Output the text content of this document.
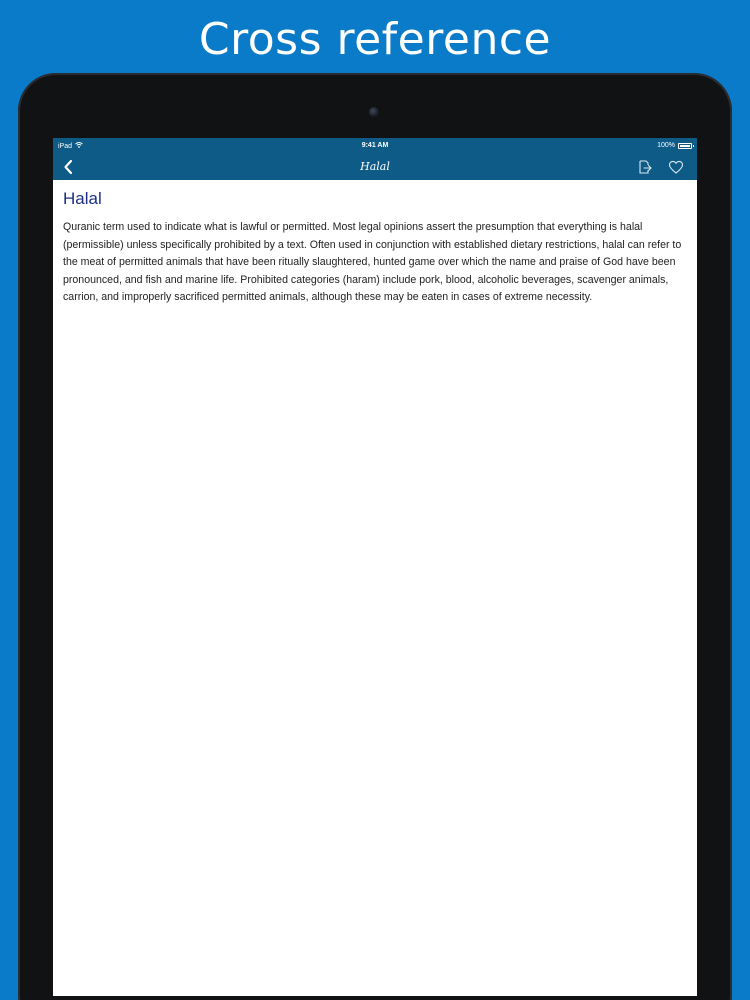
Cross reference
iPad	9:41 AM	100%
Halal
Halal

Quranic term used to indicate what is lawful or permitted. Most legal opinions assert the presumption that everything is halal (permissible) unless specifically prohibited by a text. Often used in conjunction with established dietary restrictions, halal can refer to the meat of permitted animals that have been ritually slaughtered, hunted game over which the name and praise of God have been pronounced, and fish and marine life. Prohibited categories (haram) include pork, blood, alcoholic beverages, scavenger animals, carrion, and improperly sacrificed permitted animals, although these may be eaten in cases of extreme necessity.
